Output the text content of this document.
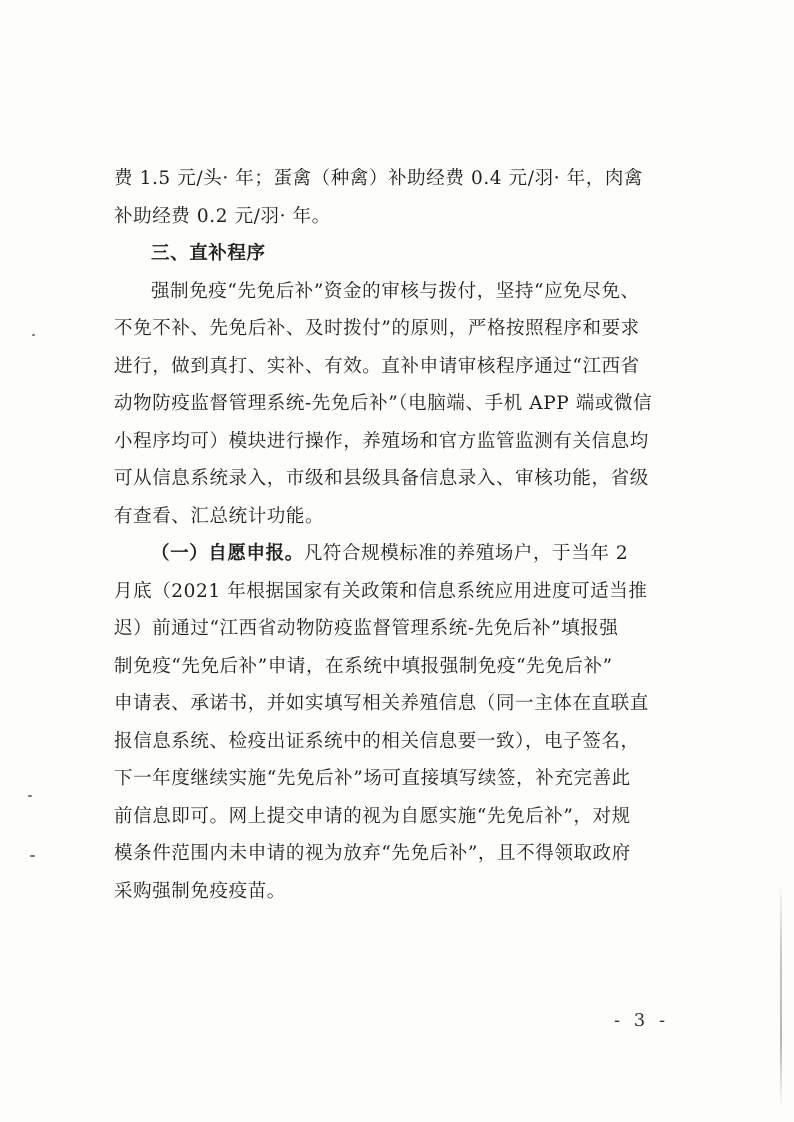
费 1.5 元/头· 年；蛋禽（种禽）补助经费 0.4 元/羽· 年，肉禽
补助经费 0.2 元/羽· 年。

三、直补程序

强制免疫“先免后补”资金的审核与拨付，坚持“应免尽免、
不免不补、先免后补、及时拨付”的原则，严格按照程序和要求
进行，做到真打、实补、有效。直补申请审核程序通过“江西省
动物防疫监督管理系统-先免后补”（电脑端、手机 APP 端或微信
小程序均可）模块进行操作，养殖场和官方监管监测有关信息均
可从信息系统录入，市级和县级具备信息录入、审核功能，省级
有查看、汇总统计功能。

（一）自愿申报。凡符合规模标准的养殖场户，于当年 2
月底（2021 年根据国家有关政策和信息系统应用进度可适当推
迟）前通过“江西省动物防疫监督管理系统-先免后补”填报强
制免疫“先免后补”申请，在系统中填报强制免疫“先免后补”
申请表、承诺书，并如实填写相关养殖信息（同一主体在直联直
报信息系统、检疫出证系统中的相关信息要一致），电子签名，
下一年度继续实施“先免后补”场可直接填写续签，补充完善此
前信息即可。网上提交申请的视为自愿实施“先免后补”，对规
模条件范围内未申请的视为放弃“先免后补”，且不得领取政府
采购强制免疫疫苗。

- 3 -
